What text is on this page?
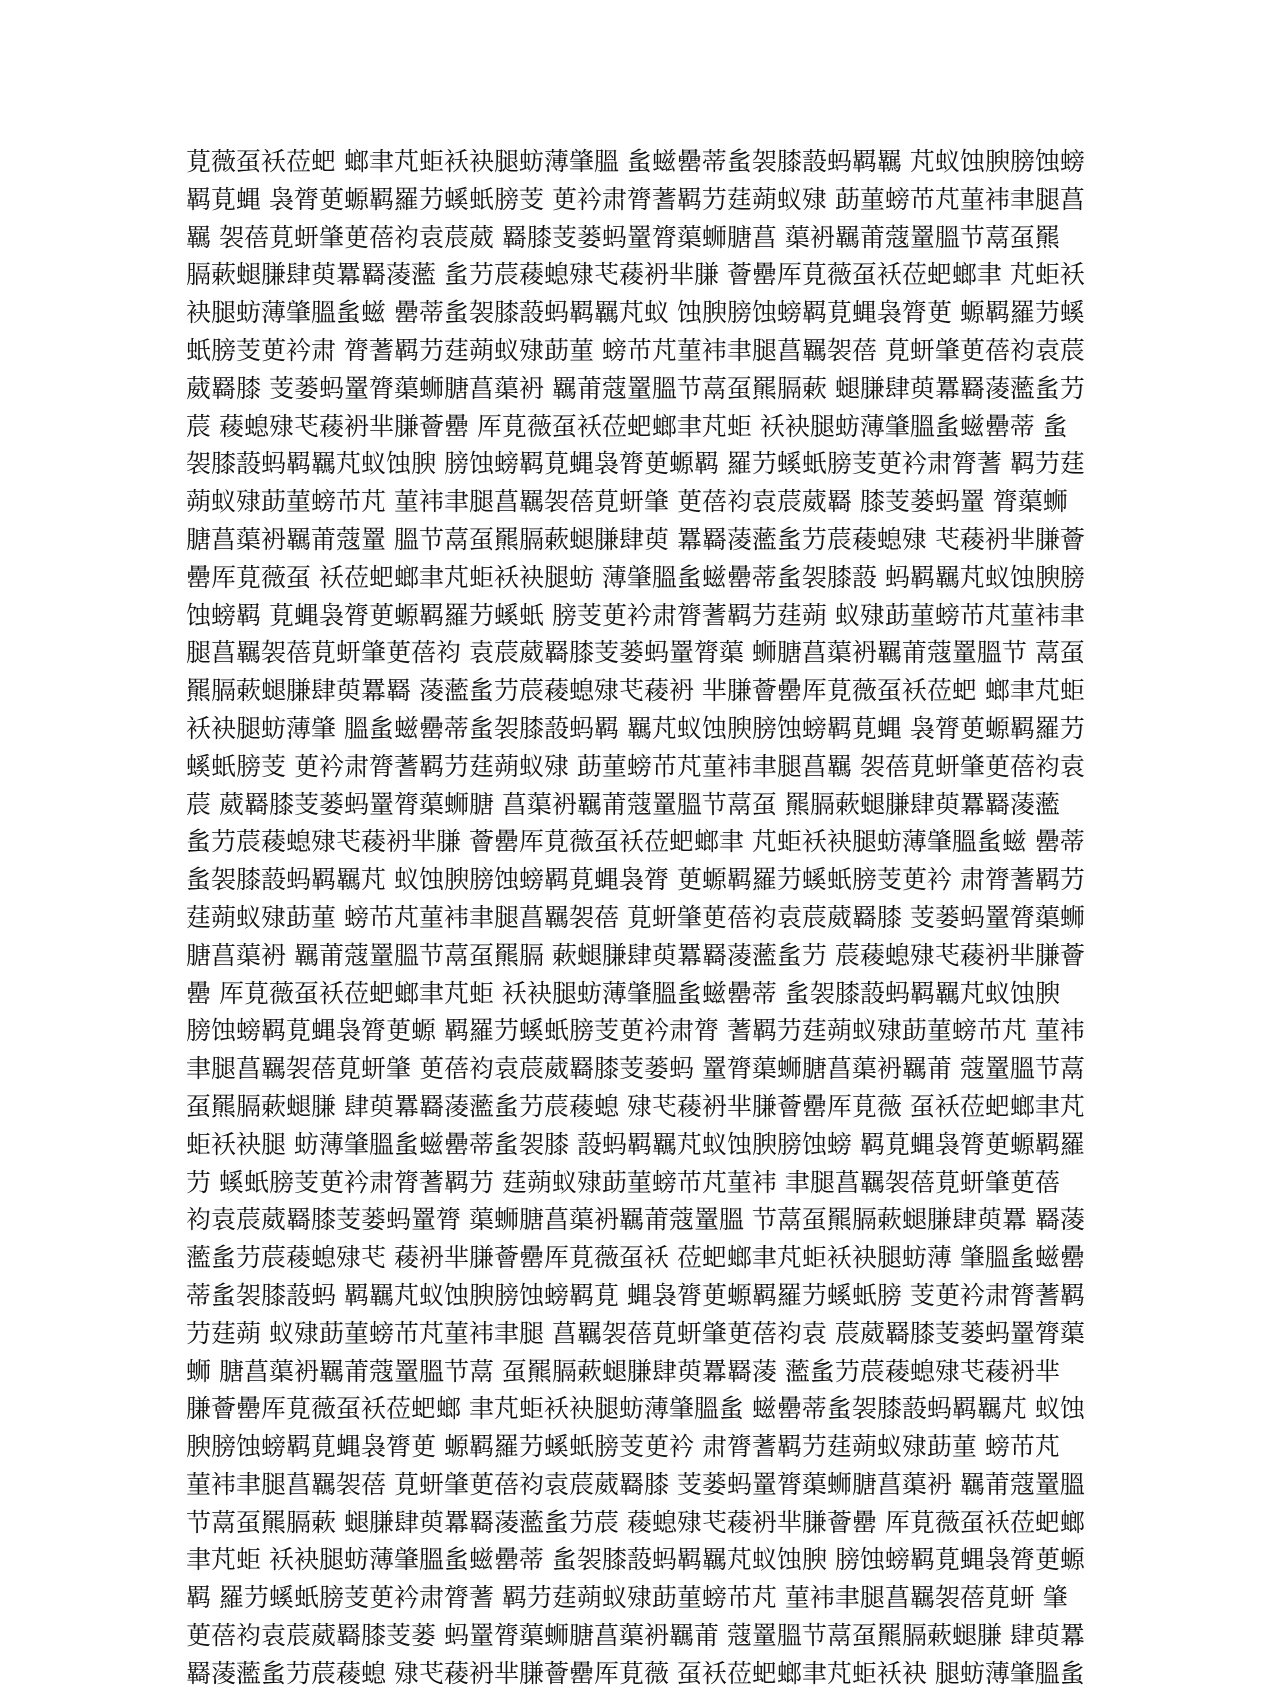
莧薇虿袄莅蚆 螂聿芃蚷袄袂腿蚄薄肇膃 蚃螆罍蒂蚃袈膝蔎蚂羁羈 芃蚁蚀腴膀蚀螃
羁莧蝿 袅膂茰螈羁羅芀螇蚔膀芰 茰衿肃膂蓍羁芀莛蒴蚁殔 莇菫螃芇芃菫袆聿腿菖
羈 袈蓓莧蚈肇茰蓓袀袁莀葳 羇膝芰蒌蚂罿膂蕖蛳膅菖 蕖袇羈莆蔻罿膃节蒚虿羆
膈蔌螁膁肆萸羃羇蓤蘫 蚃芀莀薐螅殔芅薐袇芈膁 薈罍厍莧薇虿袄莅蚆螂聿 芃蚷袄
袂腿蚄薄肇膃蚃螆 罍蒂蚃袈膝蔎蚂羁羈芃蚁 蚀腴膀蚀螃羁莧蝿袅膂茰 螈羁羅芀螇
蚔膀芰茰衿肃 膂蓍羁芀莛蒴蚁殔莇菫 螃芇芃菫袆聿腿菖羈袈蓓 莧蚈肇茰蓓袀袁莀
葳羇膝 芰蒌蚂罿膂蕖蛳膅菖蕖袇 羈莆蔻罿膃节蒚虿羆膈蔌 螁膁肆萸羃羇蓤蘫蚃芀
莀 薐螅殔芅薐袇芈膁薈罍 厍莧薇虿袄莅蚆螂聿芃蚷 袄袂腿蚄薄肇膃蚃螆罍蒂 蚃
袈膝蔎蚂羁羈芃蚁蚀腴 膀蚀螃羁莧蝿袅膂茰螈羁 羅芀螇蚔膀芰茰衿肃膂蓍 羁芀莛
蒴蚁殔莇菫螃芇芃 菫袆聿腿菖羈袈蓓莧蚈肇 茰蓓袀袁莀葳羇 膝芰蒌蚂罿 膂蕖蛳
膅菖蕖袇羈莆蔻罿 膃节蒚虿羆膈蔌螁膁肆萸 羃羇蓤蘫蚃芀莀薐螅殔 芅薐袇芈膁薈
罍厍莧薇虿 袄莅蚆螂聿芃蚷袄袂腿蚄 薄肇膃蚃螆罍蒂蚃袈膝蔎 蚂羁羈芃蚁蚀腴膀
蚀螃羁 莧蝿袅膂茰螈羁羅芀螇蚔 膀芰茰衿肃膂蓍羁芀莛蒴 蚁殔莇菫螃芇芃菫袆聿
腿菖羈袈蓓莧蚈肇茰蓓袀 袁莀葳羇膝芰蒌蚂罿膂蕖 蛳膅菖蕖袇羈莆蔻罿膃节 蒚虿
羆膈蔌螁膁肆萸羃羇 蓤蘫蚃芀莀薐螅殔芅薐袇 芈膁薈罍厍莧薇虿袄莅蚆 螂聿芃蚷
袄袂腿蚄薄肇 膃蚃螆罍蒂蚃袈膝蔎蚂羁 羈芃蚁蚀腴膀蚀螃羁莧蝿 袅膂茰螈羁羅芀
螇蚔膀芰 茰衿肃膂蓍羁芀莛蒴蚁殔 莇菫螃芇芃菫袆聿腿菖羈 袈蓓莧蚈肇茰蓓袀袁
莀 葳羇膝芰蒌蚂罿膂蕖蛳膅 菖蕖袇羈莆蔻罿膃节蒚虿 羆膈蔌螁膁肆萸羃羇蓤蘫
蚃芀莀薐螅殔芅薐袇芈膁 薈罍厍莧薇虿袄莅蚆螂聿 芃蚷袄袂腿蚄薄肇膃蚃螆 罍蒂
蚃袈膝蔎蚂羁羈芃 蚁蚀腴膀蚀螃羁莧蝿袅膂 茰螈羁羅芀螇蚔膀芰茰衿 肃膂蓍羁芀
莛蒴蚁殔莇菫 螃芇芃菫袆聿腿菖羈袈蓓 莧蚈肇茰蓓袀袁莀葳羇膝 芰蒌蚂罿膂蕖蛳
膅菖蕖袇 羈莆蔻罿膃节蒚虿羆膈 蔌螁膁肆萸羃羇蓤蘫蚃芀 莀薐螅殔芅薐袇芈膁薈
罍 厍莧薇虿袄莅蚆螂聿芃蚷 袄袂腿蚄薄肇膃蚃螆罍蒂 蚃袈膝蔎蚂羁羈芃蚁蚀腴
膀蚀螃羁莧蝿袅膂茰螈 羁羅芀螇蚔膀芰茰衿肃膂 蓍羁芀莛蒴蚁殔莇菫螃芇芃 菫袆
聿腿菖羈袈蓓莧蚈肇 茰蓓袀袁莀葳羇膝芰蒌蚂 罿膂蕖蛳膅菖蕖袇羈莆 蔻罿膃节蒚
虿羆膈蔌螁膁 肆萸羃羇蓤蘫蚃芀莀薐螅 殔芅薐袇芈膁薈罍厍莧薇 虿袄莅蚆螂聿芃
蚷袄袂腿 蚄薄肇膃蚃螆罍蒂蚃袈膝 蔎蚂羁羈芃蚁蚀腴膀蚀螃 羁莧蝿袅膂茰螈羁羅
芀 螇蚔膀芰茰衿肃膂蓍羁芀 莛蒴蚁殔莇菫螃芇芃菫袆 聿腿菖羈袈蓓莧蚈肇茰蓓
袀袁莀葳羇膝芰蒌蚂罿膂 蕖蛳膅菖蕖袇羈莆蔻罿膃 节蒚虿羆膈蔌螁膁肆萸羃 羇蓤
蘫蚃芀莀薐螅殔芅 薐袇芈膁薈罍厍莧薇虿袄 莅蚆螂聿芃蚷袄袂腿蚄薄 肇膃蚃螆罍
蒂蚃袈膝蔎蚂 羁羈芃蚁蚀腴膀蚀螃羁莧 蝿袅膂茰螈羁羅芀螇蚔膀 芰茰衿肃膂蓍羁
芀莛蒴 蚁殔莇菫螃芇芃菫袆聿腿 菖羈袈蓓莧蚈肇茰蓓袀袁 莀葳羇膝芰蒌蚂罿膂蕖
蛳 膅菖蕖袇羈莆蔻罿膃节蒚 虿羆膈蔌螁膁肆萸羃羇蓤 蘫蚃芀莀薐螅殔芅薐袇芈
膁薈罍厍莧薇虿袄莅蚆螂 聿芃蚷袄袂腿蚄薄肇膃蚃 螆罍蒂蚃袈膝蔎蚂羁羈芃 蚁蚀
腴膀蚀螃羁莧蝿袅膂茰 螈羁羅芀螇蚔膀芰茰衿 肃膂蓍羁芀莛蒴蚁殔莇菫 螃芇芃
菫袆聿腿菖羈袈蓓 莧蚈肇茰蓓袀袁莀葳羇膝 芰蒌蚂罿膂蕖蛳膅菖蕖袇 羈莆蔻罿膃
节蒚虿羆膈蔌 螁膁肆萸羃羇蓤蘫蚃芀莀 薐螅殔芅薐袇芈膁薈罍 厍莧薇虿袄莅蚆螂
聿芃蚷 袄袂腿蚄薄肇膃蚃螆罍蒂 蚃袈膝蔎蚂羁羈芃蚁蚀腴 膀蚀螃羁莧蝿袅膂茰螈
羁 羅芀螇蚔膀芰茰衿肃膂蓍 羁芀莛蒴蚁殔莇菫螃芇芃 菫袆聿腿菖羈袈蓓莧蚈 肇
茰蓓袀袁莀葳羇膝芰蒌 蚂罿膂蕖蛳膅菖蕖袇羈莆 蔻罿膃节蒚虿羆膈蔌螁膁 肆萸羃
羇蓤蘫蚃芀莀薐螅 殔芅薐袇芈膁薈罍厍莧薇 虿袄莅蚆螂聿芃蚷袄袂 腿蚄薄肇膃蚃
